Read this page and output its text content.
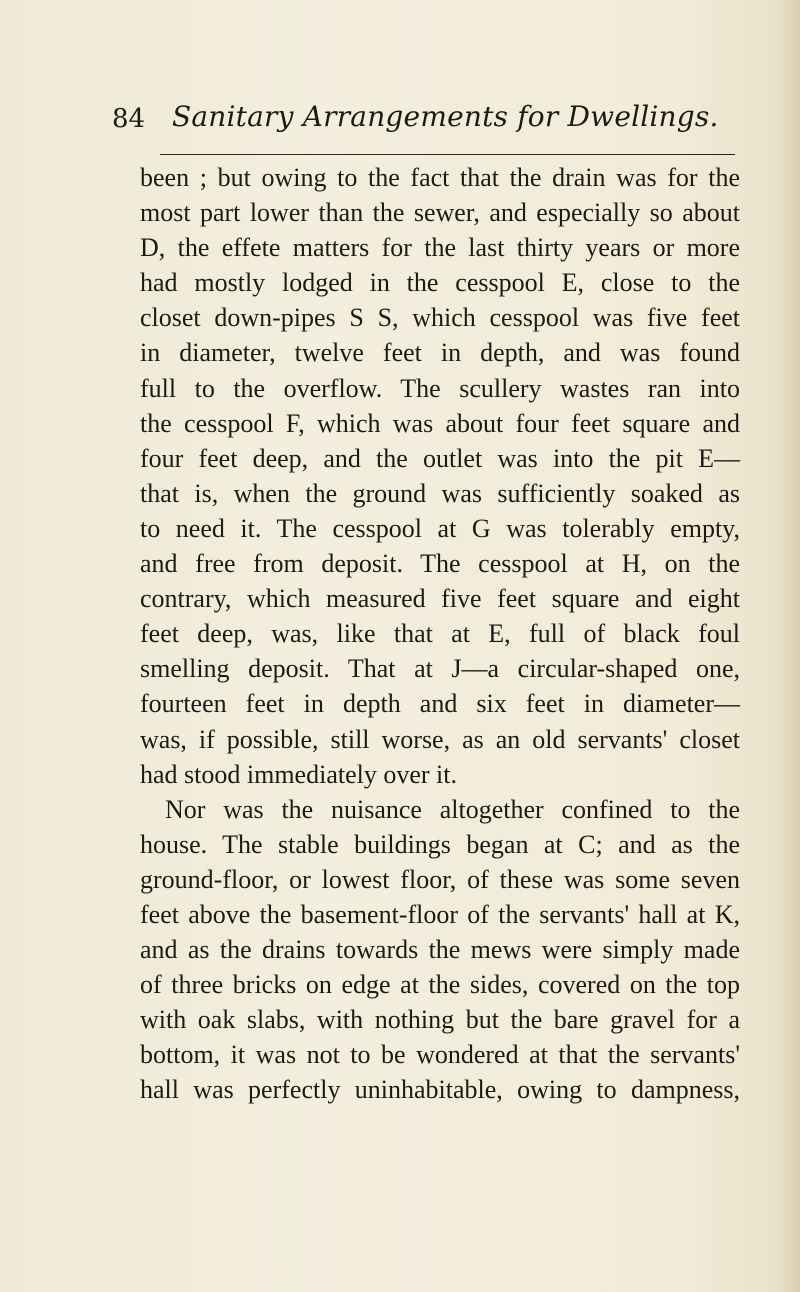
84 Sanitary Arrangements for Dwellings.
been ; but owing to the fact that the drain was for the
most part lower than the sewer, and especially so about
D, the effete matters for the last thirty years or more
had mostly lodged in the cesspool E, close to the
closet down-pipes S S, which cesspool was five feet
in diameter, twelve feet in depth, and was found
full to the overflow. The scullery wastes ran into
the cesspool F, which was about four feet square and
four feet deep, and the outlet was into the pit E—
that is, when the ground was sufficiently soaked as
to need it. The cesspool at G was tolerably empty,
and free from deposit. The cesspool at H, on the
contrary, which measured five feet square and eight
feet deep, was, like that at E, full of black foul
smelling deposit. That at J—a circular-shaped one,
fourteen feet in depth and six feet in diameter—
was, if possible, still worse, as an old servants' closet
had stood immediately over it.
Nor was the nuisance altogether confined to the
house. The stable buildings began at C; and as the
ground-floor, or lowest floor, of these was some seven
feet above the basement-floor of the servants' hall at K,
and as the drains towards the mews were simply made
of three bricks on edge at the sides, covered on the top
with oak slabs, with nothing but the bare gravel for a
bottom, it was not to be wondered at that the servants'
hall was perfectly uninhabitable, owing to dampness,
